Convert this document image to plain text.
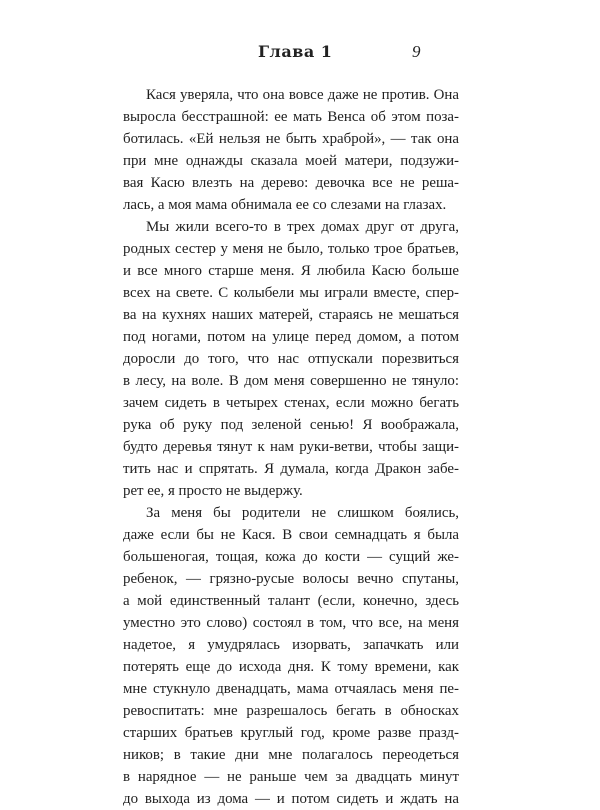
Глава 1	9
Кася уверяла, что она вовсе даже не против. Она
выросла бесстрашной: ее мать Венса об этом поза-
ботилась. «Ей нельзя не быть храброй», — так она
при мне однажды сказала моей матери, подзужи-
вая Касю влезть на дерево: девочка все не реша-
лась, а моя мама обнимала ее со слезами на глазах.
Мы жили всего-то в трех домах друг от друга,
родных сестер у меня не было, только трое братьев,
и все много старше меня. Я любила Касю больше
всех на свете. С колыбели мы играли вместе, спер-
ва на кухнях наших матерей, стараясь не мешаться
под ногами, потом на улице перед домом, а потом
доросли до того, что нас отпускали порезвиться
в лесу, на воле. В дом меня совершенно не тянуло:
зачем сидеть в четырех стенах, если можно бегать
рука об руку под зеленой сенью! Я воображала,
будто деревья тянут к нам руки-ветви, чтобы защи-
тить нас и спрятать. Я думала, когда Дракон забе-
рет ее, я просто не выдержу.
За меня бы родители не слишком боялись,
даже если бы не Кася. В свои семнадцать я была
большеногая, тощая, кожа до кости — сущий же-
ребенок, — грязно-русые волосы вечно спутаны,
а мой единственный талант (если, конечно, здесь
уместно это слово) состоял в том, что все, на меня
надетое, я умудрялась изорвать, запачкать или
потерять еще до исхода дня. К тому времени, как
мне стукнуло двенадцать, мама отчаялась меня пе-
ревоспитать: мне разрешалось бегать в обносках
старших братьев круглый год, кроме разве празд-
ников; в такие дни мне полагалось переодеться
в нарядное — не раньше чем за двадцать минут
до выхода из дома — и потом сидеть и ждать на
